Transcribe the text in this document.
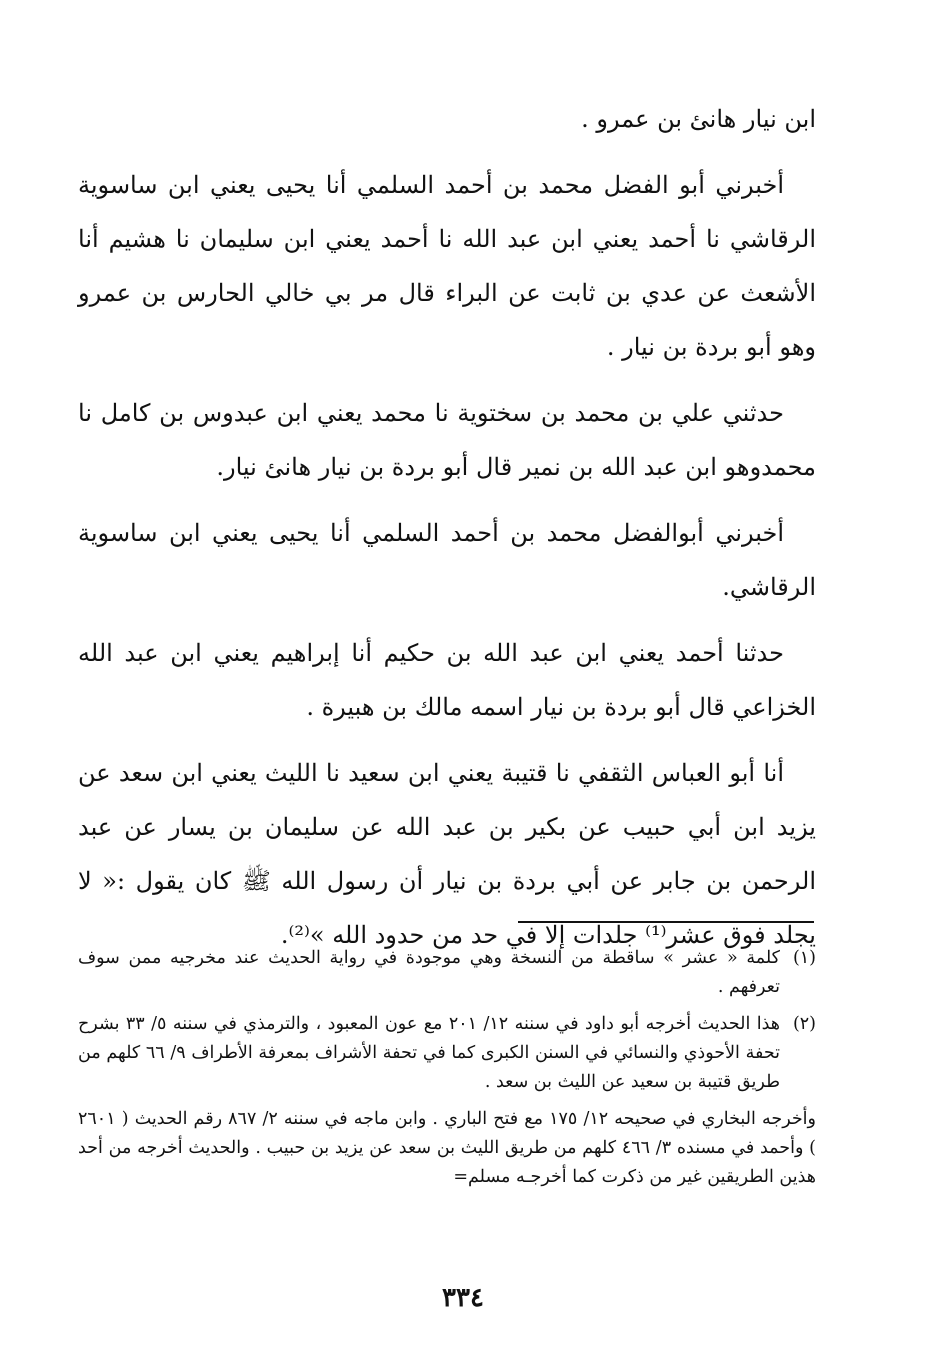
ابن نيار هانئ بن عمرو .

أخبرني أبو الفضل محمد بن أحمد السلمي أنا يحيى يعني ابن ساسوية الرقاشي نا أحمد يعني ابن عبد الله نا أحمد يعني ابن سليمان نا هشيم أنا الأشعث عن عدي بن ثابت عن البراء قال مر بي خالي الحارس بن عمرو وهو أبو بردة بن نيار .

حدثني علي بن محمد بن سختوية نا محمد يعني ابن عبدوس بن كامل نا محمدوهو ابن عبد الله بن نمير قال أبو بردة بن نيار هانئ نيار.

أخبرني أبوالفضل محمد بن أحمد السلمي أنا يحيى يعني ابن ساسوية الرقاشي.

حدثنا أحمد يعني ابن عبد الله بن حكيم أنا إبراهيم يعني ابن عبد الله الخزاعي قال أبو بردة بن نيار اسمه مالك بن هبيرة .

أنا أبو العباس الثقفي نا قتيبة يعني ابن سعيد نا الليث يعني ابن سعد عن يزيد ابن أبي حبيب عن بكير بن عبد الله عن سليمان بن يسار عن عبد الرحمن بن جابر عن أبي بردة بن نيار أن رسول الله ﷺ كان يقول :« لا يجلد فوق عشر⁽¹⁾ جلدات إلا في حد من حدود الله »⁽²⁾.

(١)
كلمة « عشر » ساقطة من النسخة وهي موجودة في رواية الحديث عند مخرجيه ممن سوف تعرفهم .

(٢)
هذا الحديث أخرجه أبو داود في سننه ١٢/ ٢٠١ مع عون المعبود ، والترمذي في سننه ٥/ ٣٣ بشرح تحفة الأحوذي والنسائي في السنن الكبرى كما في تحفة الأشراف بمعرفة الأطراف ٩/ ٦٦ كلهم من طريق قتيبة بن سعيد عن الليث بن سعد .

وأخرجه البخاري في صحيحه ١٢/ ١٧٥ مع فتح الباري . وابن ماجه في سننه ٢/ ٨٦٧ رقم الحديث ( ٢٦٠١ ) وأحمد في مسنده ٣/ ٤٦٦ كلهم من طريق الليث بن سعد عن يزيد بن حبيب . والحديث أخرجه من أحد هذين الطريقين غير من ذكرت كما أخرجـه مسلم=

٣٣٤
